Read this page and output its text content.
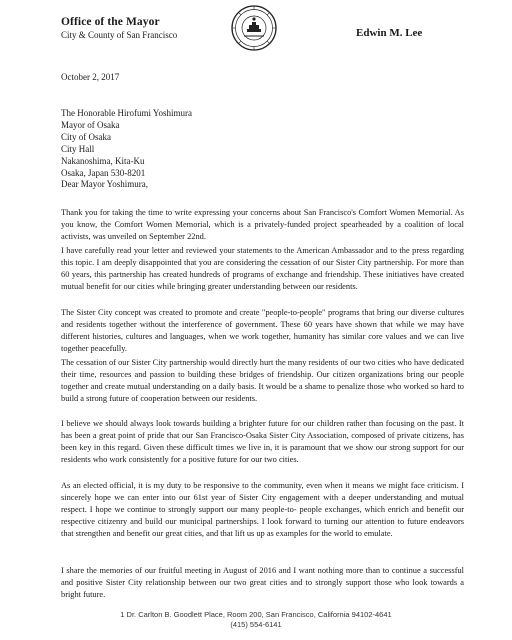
Office of the Mayor
City & County of San Francisco	Edwin M. Lee
October 2, 2017
The Honorable Hirofumi Yoshimura
Mayor of Osaka
City of Osaka
City Hall
Nakanoshima, Kita-Ku
Osaka, Japan 530-8201
Dear Mayor Yoshimura,
Thank you for taking the time to write expressing your concerns about San Francisco's Comfort Women Memorial. As you know, the Comfort Women Memorial, which is a privately-funded project spearheaded by a coalition of local activists, was unveiled on September 22nd.
I have carefully read your letter and reviewed your statements to the American Ambassador and to the press regarding this topic. I am deeply disappointed that you are considering the cessation of our Sister City partnership. For more than 60 years, this partnership has created hundreds of programs of exchange and friendship. These initiatives have created mutual benefit for our cities while bringing greater understanding between our residents.
The Sister City concept was created to promote and create "people-to-people" programs that bring our diverse cultures and residents together without the interference of government. These 60 years have shown that while we may have different histories, cultures and languages, when we work together, humanity has similar core values and we can live together peacefully.
The cessation of our Sister City partnership would directly hurt the many residents of our two cities who have dedicated their time, resources and passion to building these bridges of friendship. Our citizen organizations bring our people together and create mutual understanding on a daily basis. It would be a shame to penalize those who worked so hard to build a strong future of cooperation between our residents.
I believe we should always look towards building a brighter future for our children rather than focusing on the past. It has been a great point of pride that our San Francisco-Osaka Sister City Association, composed of private citizens, has been key in this regard. Given these difficult times we live in, it is paramount that we show our strong support for our residents who work consistently for a positive future for our two cities.
As an elected official, it is my duty to be responsive to the community, even when it means we might face criticism. I sincerely hope we can enter into our 61st year of Sister City engagement with a deeper understanding and mutual respect. I hope we continue to strongly support our many people-to- people exchanges, which enrich and benefit our respective citizenry and build our municipal partnerships. I look forward to turning our attention to future endeavors that strengthen and benefit our great cities, and that lift us up as examples for the world to emulate.
I share the memories of our fruitful meeting in August of 2016 and I want nothing more than to continue a successful and positive Sister City relationship between our two great cities and to strongly support those who look towards a bright future.
1 Dr. Carlton B. Goodlett Place, Room 200, San Francisco, California 94102-4641
(415) 554-6141
